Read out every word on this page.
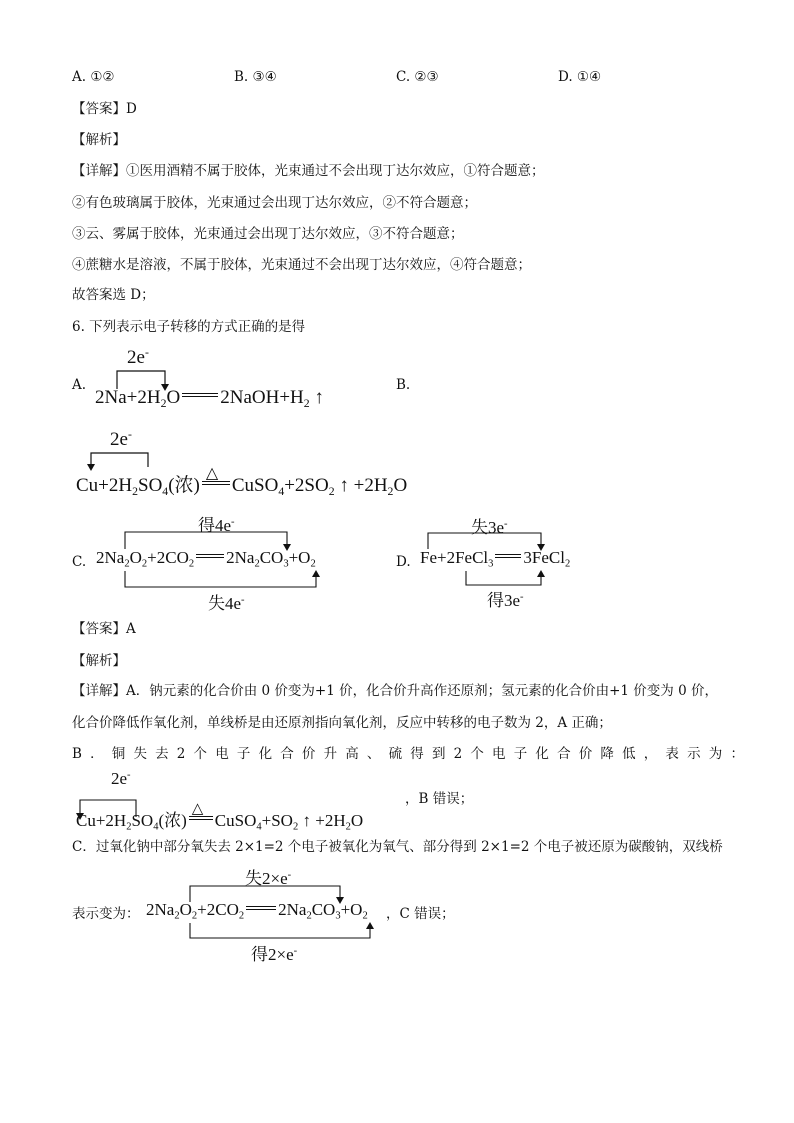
A. ①②	B. ③④	C. ②③	D. ①④
【答案】D
【解析】
【详解】①医用酒精不属于胶体，光束通过不会出现丁达尔效应，①符合题意；
②有色玻璃属于胶体，光束通过会出现丁达尔效应，②不符合题意；
③云、雾属于胶体，光束通过会出现丁达尔效应，③不符合题意；
④蔗糖水是溶液，不属于胶体，光束通过不会出现丁达尔效应，④符合题意；
故答案选 D；
6. 下列表示电子转移的方式正确的是得
A.
2e-
$2Na+2H_2O$ $2NaOH+H_2$ ↑
B.
2e-
$Cu+2H_2SO_4$(浓)
△
$CuSO_4+2SO_2$ ↑ $+2H_2O$
C.
得4e-
$2Na_2O_2+2CO_2$ $2Na_2CO_3+O_2$
失4e-
D.
失3e-
Fe+2FeCl$_3$ 3FeCl$_2$
得3e-
【答案】A
【解析】
【详解】A．钠元素的化合价由 0 价变为+1 价，化合价升高作还原剂；氢元素的化合价由+1 价变为 0 价，
化合价降低作氧化剂，单线桥是由还原剂指向氧化剂，反应中转移的电子数为 2，A 正确；
B ． 铜 失 去 2 个 电 子 化 合 价 升 高 、 硫 得 到 2 个 电 子 化 合 价 降 低 ， 表 示 为 ：
2e-
$Cu+2H_2SO_4$(浓)
△
$CuSO_4+SO_2$ ↑ $+2H_2O$
，B 错误；
C．过氧化钠中部分氧失去 2×1=2 个电子被氧化为氧气、部分得到 2×1=2 个电子被还原为碳酸钠，双线桥
表示变为：
失2×e-
$2Na_2O_2+2CO_2$ $2Na_2CO_3+O_2$ ，C 错误；
得2×e-
